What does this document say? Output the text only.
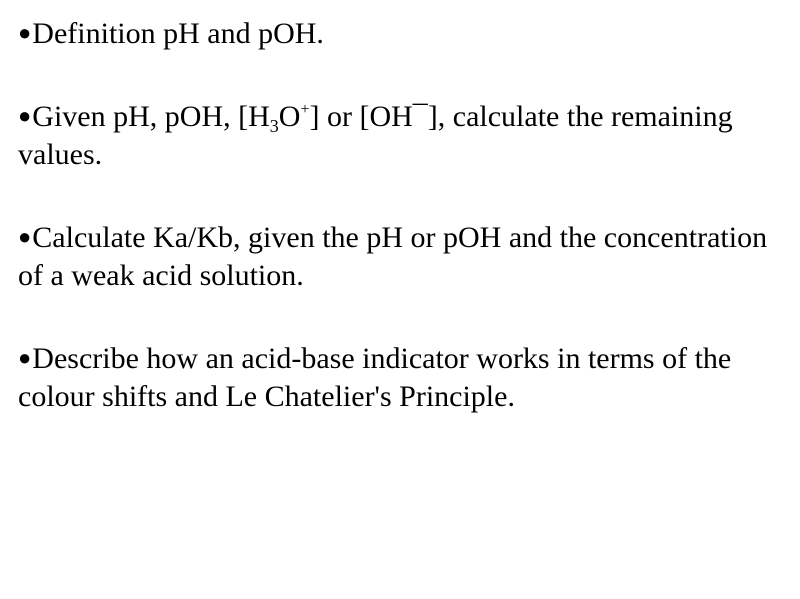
●Definition pH and pOH.

●Given pH, pOH, $[H_3O^+]$ or [OH¯], calculate the remaining values.

●Calculate Ka/Kb, given the pH or pOH and the concentration of a weak acid solution.

●Describe how an acid-base indicator works in terms of the colour shifts and Le Chatelier's Principle.
